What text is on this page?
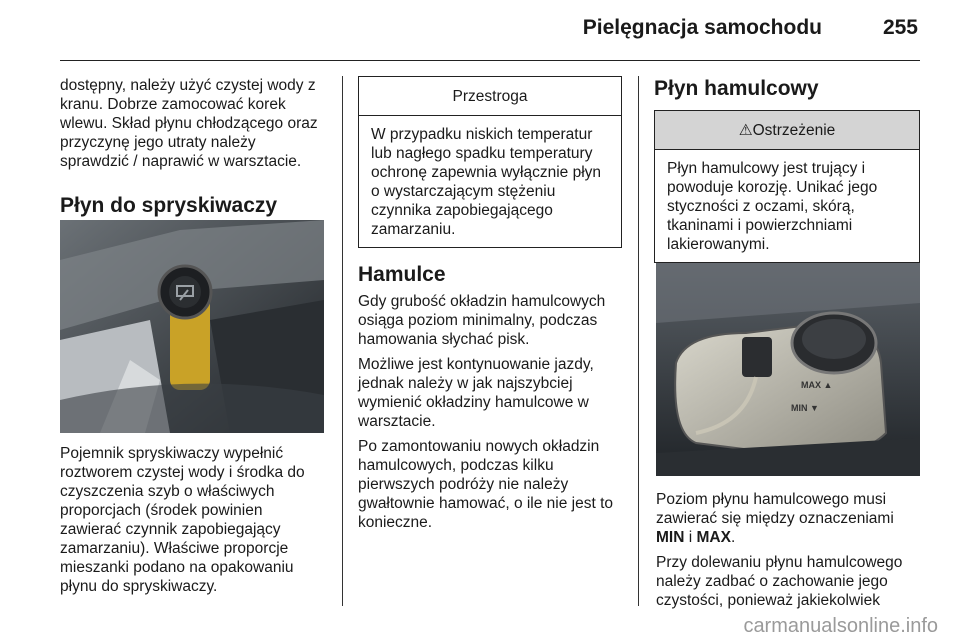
Pielęgnacja samochodu	255

dostępny, należy użyć czystej wody z kranu. Dobrze zamocować korek wlewu. Skład płynu chłodzącego oraz przyczynę jego utraty należy sprawdzić / naprawić w warsztacie.

Płyn do spryskiwaczy

Pojemnik spryskiwaczy wypełnić roztworem czystej wody i środka do czyszczenia szyb o właściwych proporcjach (środek powinien zawierać czynnik zapobiegający zamarzaniu). Właściwe proporcje mieszanki podano na opakowaniu płynu do spryskiwaczy.

Przestroga
W przypadku niskich temperatur lub nagłego spadku temperatury ochronę zapewnia wyłącznie płyn o wystarczającym stężeniu czynnika zapobiegającego zamarzaniu.
Hamulce

Gdy grubość okładzin hamulcowych osiąga poziom minimalny, podczas hamowania słychać pisk.

Możliwe jest kontynuowanie jazdy, jednak należy w jak najszybciej wymienić okładziny hamulcowe w warsztacie.

Po zamontowaniu nowych okładzin hamulcowych, podczas kilku pierwszych podróży nie należy gwałtownie hamować, o ile nie jest to konieczne.

Płyn hamulcowy
⚠Ostrzeżenie
Płyn hamulcowy jest trujący i powoduje korozję. Unikać jego styczności z oczami, skórą, tkaninami i powierzchniami lakierowanymi.
MAX ▲
MIN ▼

Poziom płynu hamulcowego musi zawierać się między oznaczeniami MIN i MAX.

Przy dolewaniu płynu hamulcowego należy zadbać o zachowanie jego czystości, ponieważ jakiekolwiek

carmanualsonline.info
